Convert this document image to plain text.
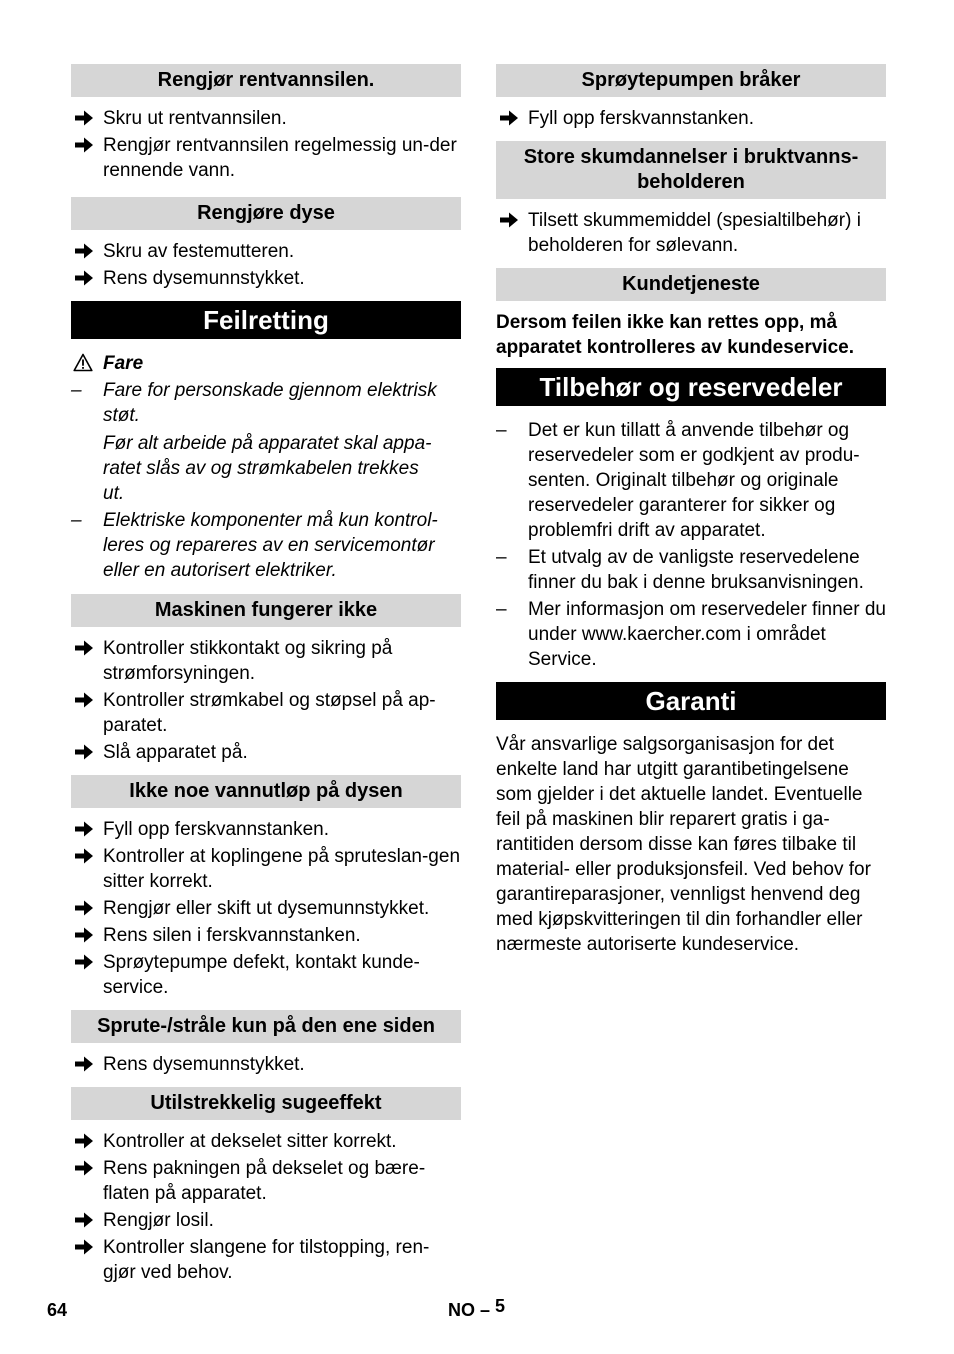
Rengjør rentvannsilen.
Skru ut rentvannsilen.
Rengjør rentvannsilen regelmessig un-der rennende vann.
Rengjøre dyse
Skru av festemutteren.
Rens dysemunnstykket.
Feilretting
Fare
– Fare for personskade gjennom elektrisk
støt.
Før alt arbeide på apparatet skal appa-
ratet slås av og strømkabelen trekkes
ut.
– Elektriske komponenter må kun kontrol-
leres og repareres av en servicemontør
eller en autorisert elektriker.
Maskinen fungerer ikke
Kontroller stikkontakt og sikring på strømforsyningen.
Kontroller strømkabel og støpsel på ap-paratet.
Slå apparatet på.
Ikke noe vannutløp på dysen
Fyll opp ferskvannstanken.
Kontroller at koplingene på spruteslan-gen sitter korrekt.
Rengjør eller skift ut dysemunnstykket.
Rens silen i ferskvannstanken.
Sprøytepumpe defekt, kontakt kunde-service.
Sprute-/stråle kun på den ene siden
Rens dysemunnstykket.
Utilstrekkelig sugeeffekt
Kontroller at dekselet sitter korrekt.
Rens pakningen på dekselet og bære-flaten på apparatet.
Rengjør losil.
Kontroller slangene for tilstopping, ren-gjør ved behov.
Sprøytepumpen bråker
Fyll opp ferskvannstanken.
Store skumdannelser i bruktvanns-
beholderen
Tilsett skummemiddel (spesialtilbehør) i beholderen for sølevann.
Kundetjeneste
Dersom feilen ikke kan rettes opp, må apparatet kontrolleres av kundeservice.
Tilbehør og reservedeler
– Det er kun tillatt å anvende tilbehør og reservedeler som er godkjent av produ-senten. Originalt tilbehør og originale reservedeler garanterer for sikker og problemfri drift av apparatet.
– Et utvalg av de vanligste reservedelene finner du bak i denne bruksanvisningen.
– Mer informasjon om reservedeler finner du under www.kaercher.com i området Service.
Garanti

Vår ansvarlige salgsorganisasjon for det enkelte land har utgitt garantibetingelsene som gjelder i det aktuelle landet. Eventuelle feil på maskinen blir reparert gratis i ga-rantitiden dersom disse kan føres tilbake til material- eller produksjonsfeil. Ved behov for garantireparasjoner, vennligst henvend deg med kjøpskvitteringen til din forhandler eller nærmeste autoriserte kundeservice.

64	NO – 5
